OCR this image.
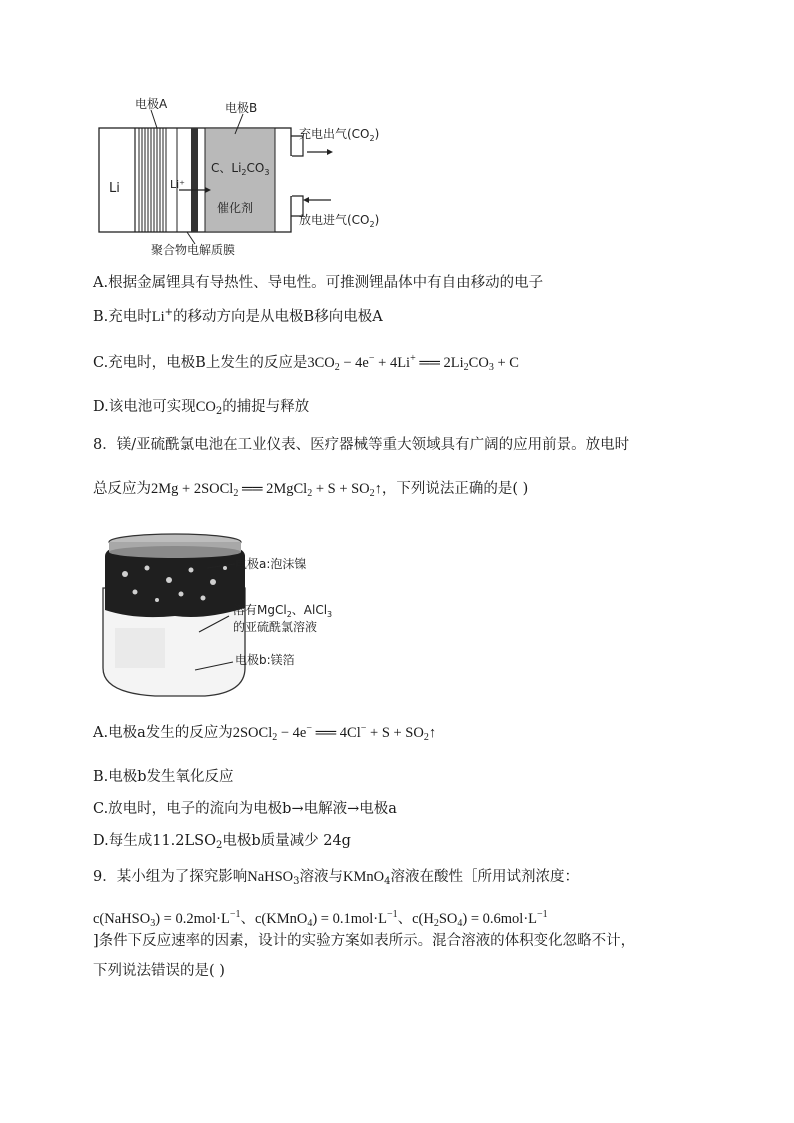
电极A	电极B
Li	Li⁺
C、$Li_2CO_3$
催化剂
充电出气$(CO_2)$
放电进气$(CO_2)$
聚合物电解质膜
A.根据金属锂具有导热性、导电性。可推测锂晶体中有自由移动的电子
B.充电时Li+的移动方向是从电极B移向电极A
C.充电时，电极B上发生的反应是$3CO_2 - 4e^- + 4Li^+$ ══ $2Li_2CO_3 + C$
D.该电池可实现$CO_2$的捕捉与释放
8．镁/亚硫酰氯电池在工业仪表、医疗器械等重大领域具有广阔的应用前景。放电时
总反应为2Mg + 2SOCl$_2$ ══ 2MgCl$_2$ + $S + SO_2↑$，下列说法正确的是( )
电极a:泡沫镍
溶有MgCl$_2$、AlCl$_3$
的亚硫酰氯溶液
电极b:镁箔
A.电极a发生的反应为2SOCl$_2$ − 4e− ══ $4Cl^- + S + SO_2↑$
B.电极b发生氧化反应
C.放电时，电子的流向为电极b→电解液→电极a
D.每生成$11.2LSO_2$电极b质量减少 24g
9．某小组为了探究影响NaHSO$_3$溶液与KMnO$_4$溶液在酸性［所用试剂浓度：
c(NaHSO$_3$) = $0.2mol\cdot L^{-1}$、c(KMnO$_4$) = $0.1mol\cdot L^{-1}$、$c(H_2SO_4) = 0.6mol\cdot L^{-1}$
]条件下反应速率的因素，设计的实验方案如表所示。混合溶液的体积变化忽略不计，
下列说法错误的是( )
